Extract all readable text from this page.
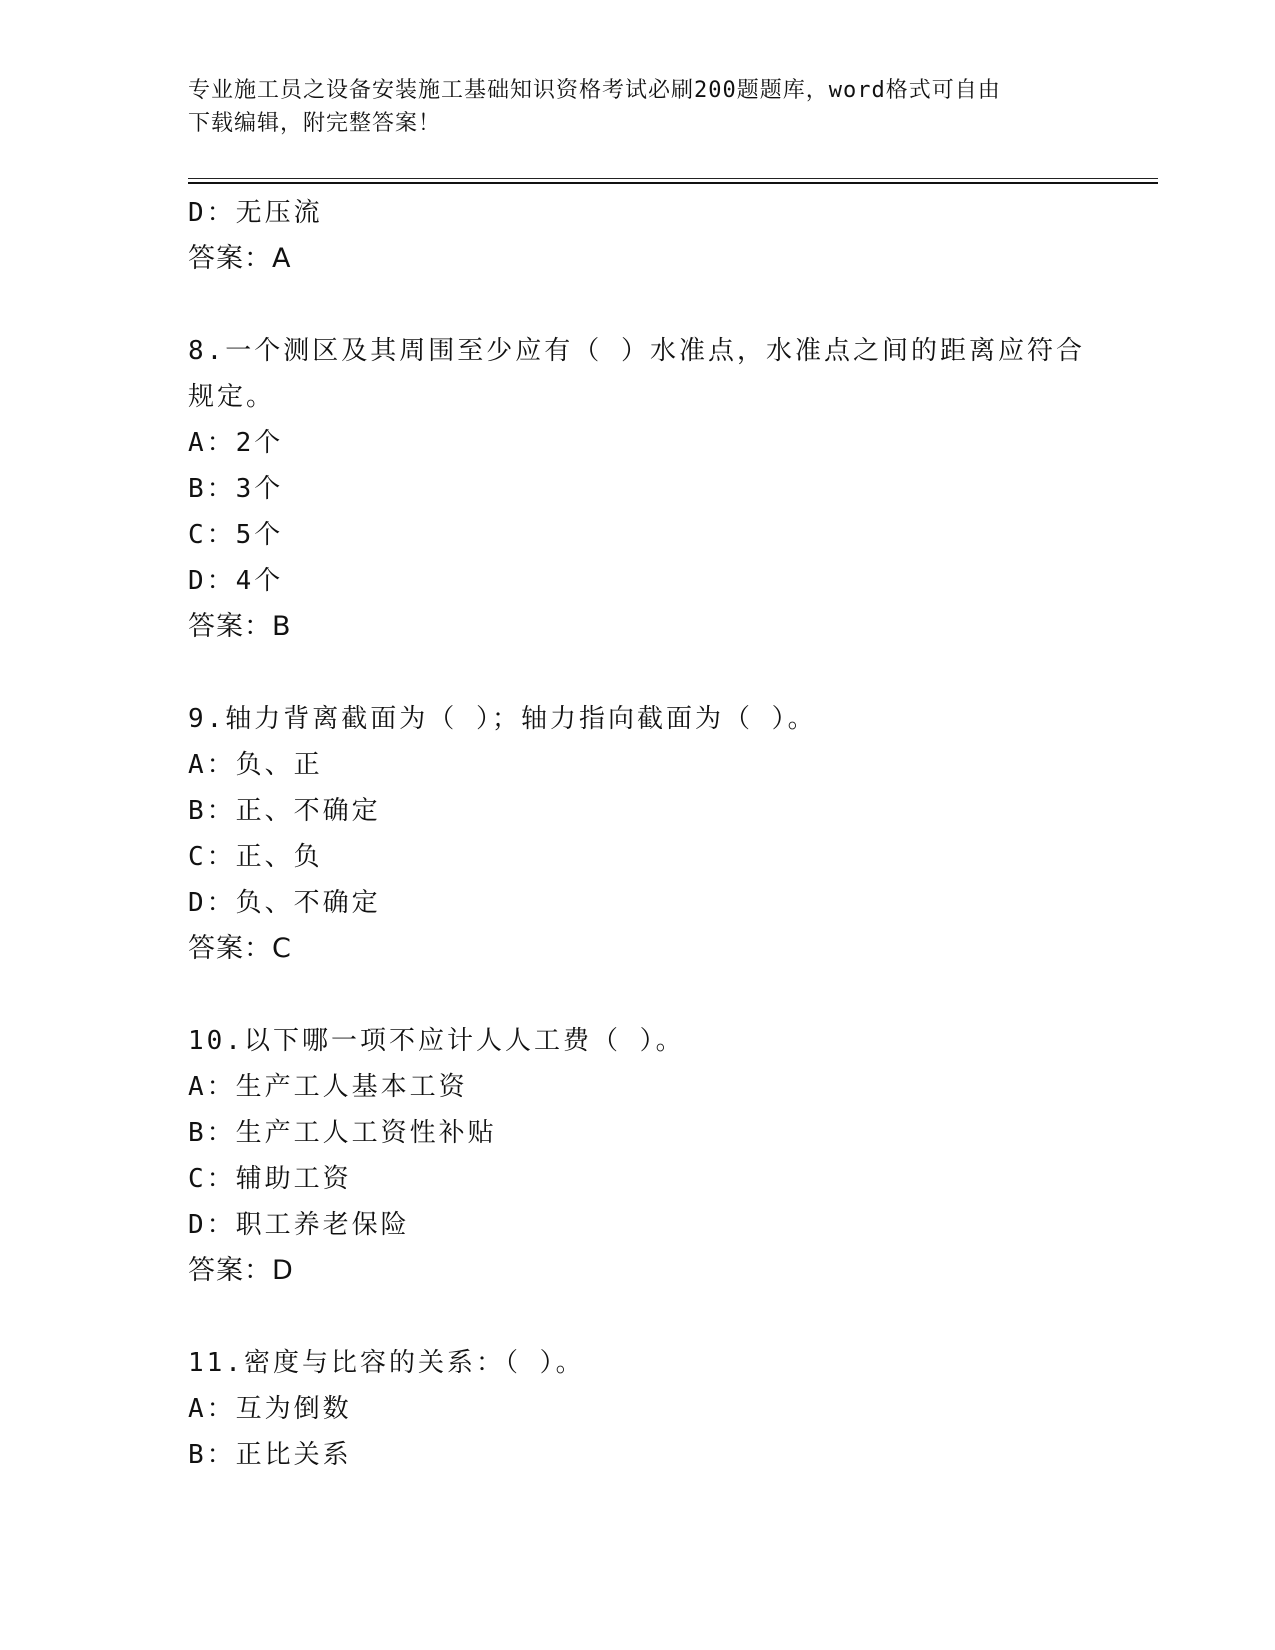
专业施工员之设备安装施工基础知识资格考试必刷200题题库，word格式可自由
下载编辑，附完整答案！
D：无压流
答案：A
8.一个测区及其周围至少应有（ ）水准点，水准点之间的距离应符合
规定。
A：2个
B：3个
C：5个
D：4个
答案：B
9.轴力背离截面为（ ）；轴力指向截面为（ ）。
A：负、正
B：正、不确定
C：正、负
D：负、不确定
答案：C
10.以下哪一项不应计人人工费（ ）。
A：生产工人基本工资
B：生产工人工资性补贴
C：辅助工资
D：职工养老保险
答案：D
11.密度与比容的关系：（ ）。
A：互为倒数
B：正比关系
